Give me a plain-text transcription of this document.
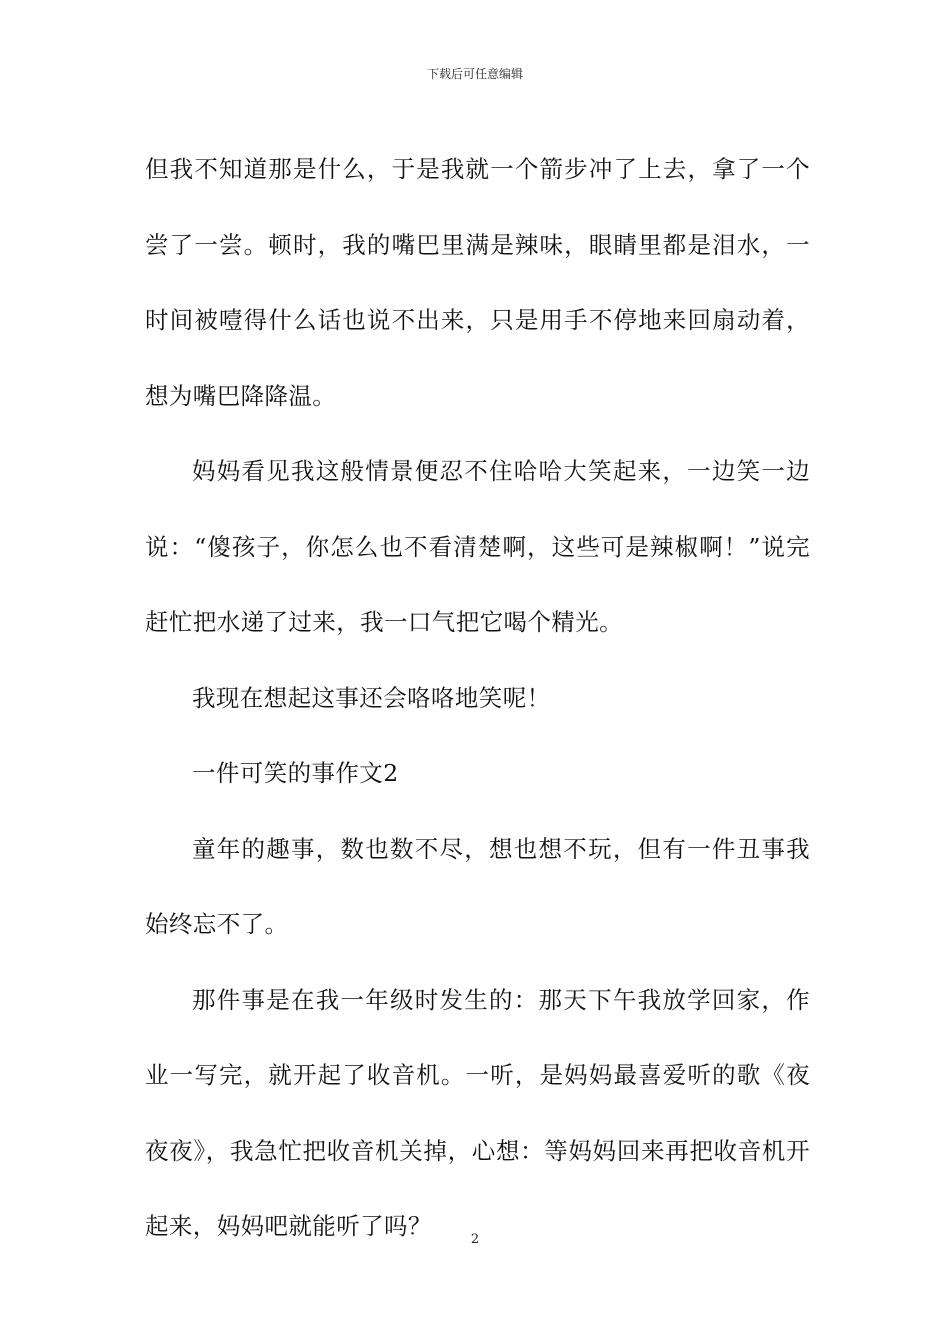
下载后可任意编辑

但我不知道那是什么，于是我就一个箭步冲了上去，拿了一个尝了一尝。顿时，我的嘴巴里满是辣味，眼睛里都是泪水，一时间被噎得什么话也说不出来，只是用手不停地来回扇动着，想为嘴巴降降温。

妈妈看见我这般情景便忍不住哈哈大笑起来，一边笑一边说：“傻孩子，你怎么也不看清楚啊，这些可是辣椒啊！”说完赶忙把水递了过来，我一口气把它喝个精光。

我现在想起这事还会咯咯地笑呢！

一件可笑的事作文2

童年的趣事，数也数不尽，想也想不玩，但有一件丑事我始终忘不了。

那件事是在我一年级时发生的：那天下午我放学回家，作业一写完，就开起了收音机。一听，是妈妈最喜爱听的歌《夜夜夜》，我急忙把收音机关掉，心想：等妈妈回来再把收音机开起来，妈妈吧就能听了吗？	2
